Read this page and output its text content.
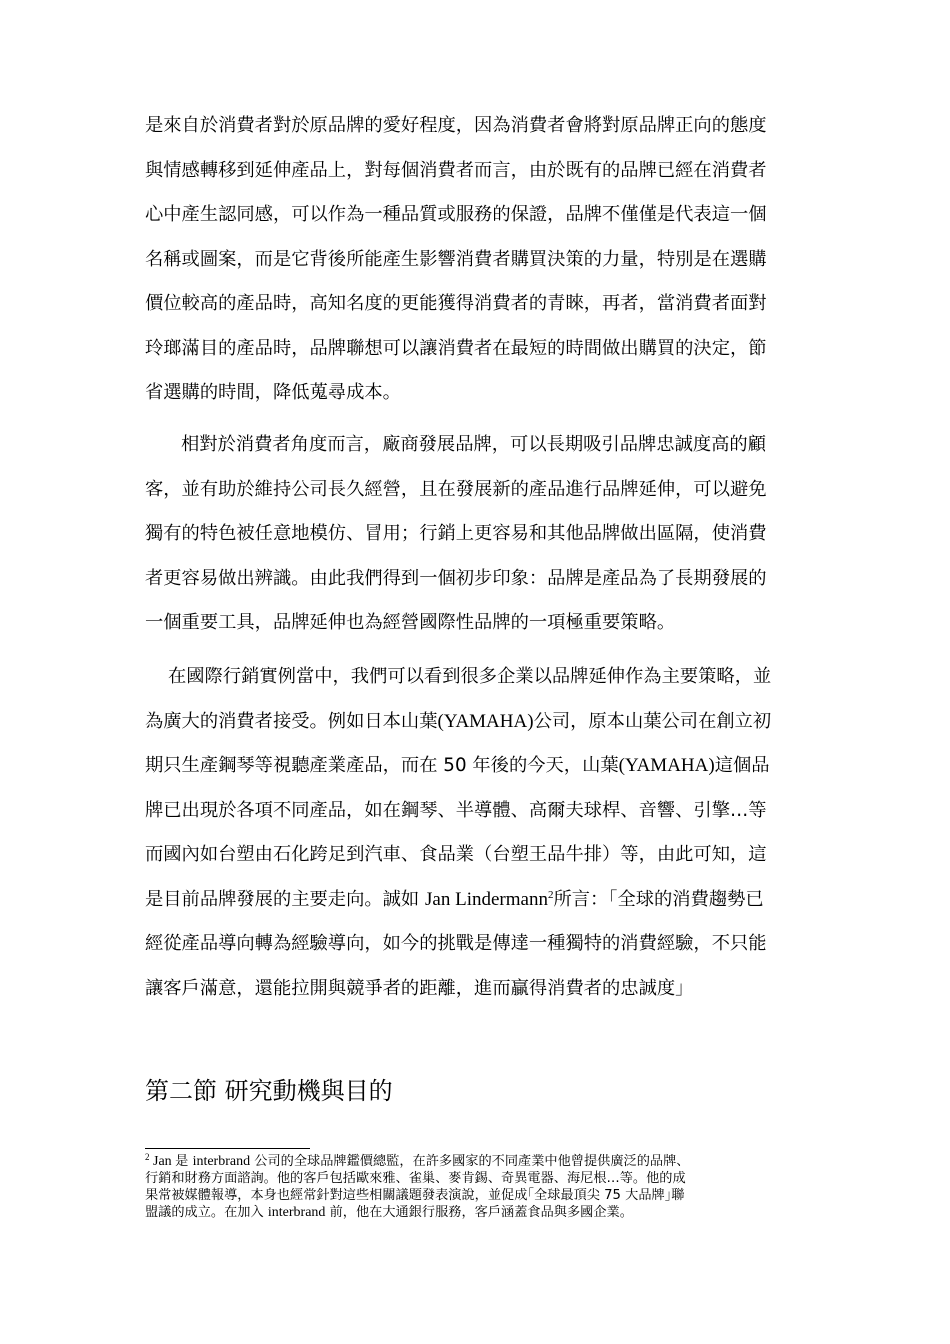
是來自於消費者對於原品牌的愛好程度，因為消費者會將對原品牌正向的態度
與情感轉移到延伸產品上，對每個消費者而言，由於既有的品牌已經在消費者
心中產生認同感，可以作為一種品質或服務的保證，品牌不僅僅是代表這一個
名稱或圖案，而是它背後所能產生影響消費者購買決策的力量，特別是在選購
價位較高的產品時，高知名度的更能獲得消費者的青睞，再者，當消費者面對
玲瑯滿目的產品時，品牌聯想可以讓消費者在最短的時間做出購買的決定，節
省選購的時間，降低蒐尋成本。
相對於消費者角度而言，廠商發展品牌，可以長期吸引品牌忠誠度高的顧
客，並有助於維持公司長久經營，且在發展新的產品進行品牌延伸，可以避免
獨有的特色被任意地模仿、冒用；行銷上更容易和其他品牌做出區隔，使消費
者更容易做出辨識。由此我們得到一個初步印象：品牌是產品為了長期發展的
一個重要工具，品牌延伸也為經營國際性品牌的一項極重要策略。
在國際行銷實例當中，我們可以看到很多企業以品牌延伸作為主要策略，並
為廣大的消費者接受。例如日本山葉(YAMAHA)公司，原本山葉公司在創立初
期只生產鋼琴等視聽產業產品，而在 50 年後的今天，山葉(YAMAHA)這個品
牌已出現於各項不同產品，如在鋼琴、半導體、高爾夫球桿、音響、引擎…等
而國內如台塑由石化跨足到汽車、食品業（台塑王品牛排）等，由此可知，這
是目前品牌發展的主要走向。誠如 Jan Lindermann$^2$所言：「全球的消費趨勢已
經從產品導向轉為經驗導向，如今的挑戰是傳達一種獨特的消費經驗，不只能
讓客戶滿意，還能拉開與競爭者的距離，進而贏得消費者的忠誠度」
第二節 研究動機與目的
$^2$ Jan 是 interbrand 公司的全球品牌鑑價總監，在許多國家的不同產業中他曾提供廣泛的品牌、
行銷和財務方面諮詢。他的客戶包括歐來雅、雀巢、麥肯錫、奇異電器、海尼根…等。他的成
果常被媒體報導，本身也經常針對這些相關議題發表演說，並促成｢全球最頂尖 75 大品牌｣聯
盟議的成立。在加入 interbrand 前，他在大通銀行服務，客戶涵蓋食品與多國企業。
